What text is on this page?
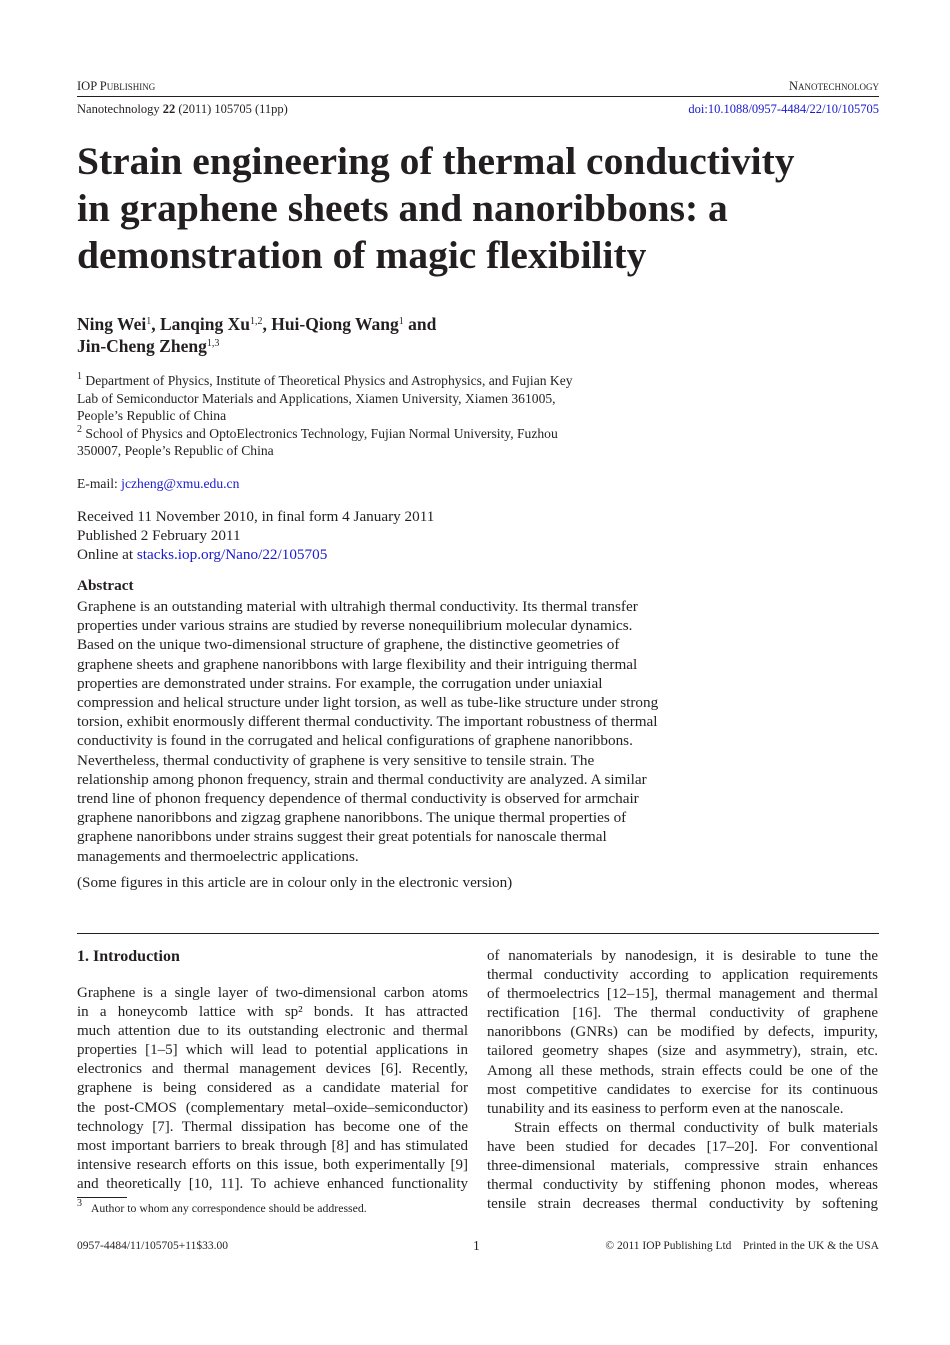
IOP Publishing	Nanotechnology
Nanotechnology 22 (2011) 105705 (11pp)	doi:10.1088/0957-4484/22/10/105705
Strain engineering of thermal conductivity
in graphene sheets and nanoribbons: a
demonstration of magic flexibility
Ning Wei$^1$, Lanqing Xu$^{1,2}$, Hui-Qiong Wang$^1$ and
Jin-Cheng Zheng$^{1,3}$

$^1$ Department of Physics, Institute of Theoretical Physics and Astrophysics, and Fujian Key

Lab of Semiconductor Materials and Applications, Xiamen University, Xiamen 361005,

People’s Republic of China

$^2$ School of Physics and OptoElectronics Technology, Fujian Normal University, Fuzhou

350007, People’s Republic of China

E-mail: jczheng@xmu.edu.cn
Received 11 November 2010, in final form 4 January 2011
Published 2 February 2011
Online at stacks.iop.org/Nano/22/105705
Abstract
Graphene is an outstanding material with ultrahigh thermal conductivity. Its thermal transfer
properties under various strains are studied by reverse nonequilibrium molecular dynamics.
Based on the unique two-dimensional structure of graphene, the distinctive geometries of
graphene sheets and graphene nanoribbons with large flexibility and their intriguing thermal
properties are demonstrated under strains. For example, the corrugation under uniaxial
compression and helical structure under light torsion, as well as tube-like structure under strong
torsion, exhibit enormously different thermal conductivity. The important robustness of thermal
conductivity is found in the corrugated and helical configurations of graphene nanoribbons.
Nevertheless, thermal conductivity of graphene is very sensitive to tensile strain. The
relationship among phonon frequency, strain and thermal conductivity are analyzed. A similar
trend line of phonon frequency dependence of thermal conductivity is observed for armchair
graphene nanoribbons and zigzag graphene nanoribbons. The unique thermal properties of
graphene nanoribbons under strains suggest their great potentials for nanoscale thermal
managements and thermoelectric applications.
(Some figures in this article are in colour only in the electronic version)
1. Introduction
Graphene is a single layer of two-dimensional carbon atoms
in a honeycomb lattice with sp² bonds. It has attracted
much attention due to its outstanding electronic and thermal
properties [1–5] which will lead to potential applications in
electronics and thermal management devices [6]. Recently,
graphene is being considered as a candidate material for
the post-CMOS (complementary metal–oxide–semiconductor)
technology [7]. Thermal dissipation has become one of the
most important barriers to break through [8] and has stimulated
intensive research efforts on this issue, both experimentally [9]
and theoretically [10, 11]. To achieve enhanced functionality
of nanomaterials by nanodesign, it is desirable to tune the
thermal conductivity according to application requirements
of thermoelectrics [12–15], thermal management and thermal
rectification [16]. The thermal conductivity of graphene
nanoribbons (GNRs) can be modified by defects, impurity,
tailored geometry shapes (size and asymmetry), strain, etc.
Among all these methods, strain effects could be one of the
most competitive candidates to exercise for its continuous
tunability and its easiness to perform even at the nanoscale.
Strain effects on thermal conductivity of bulk materials
have been studied for decades [17–20]. For conventional
three-dimensional materials, compressive strain enhances
thermal conductivity by stiffening phonon modes, whereas
tensile strain decreases thermal conductivity by softening
$^3$ Author to whom any correspondence should be addressed.
0957-4484/11/105705+11$33.00	1	© 2011 IOP Publishing Ltd    Printed in the UK & the USA
